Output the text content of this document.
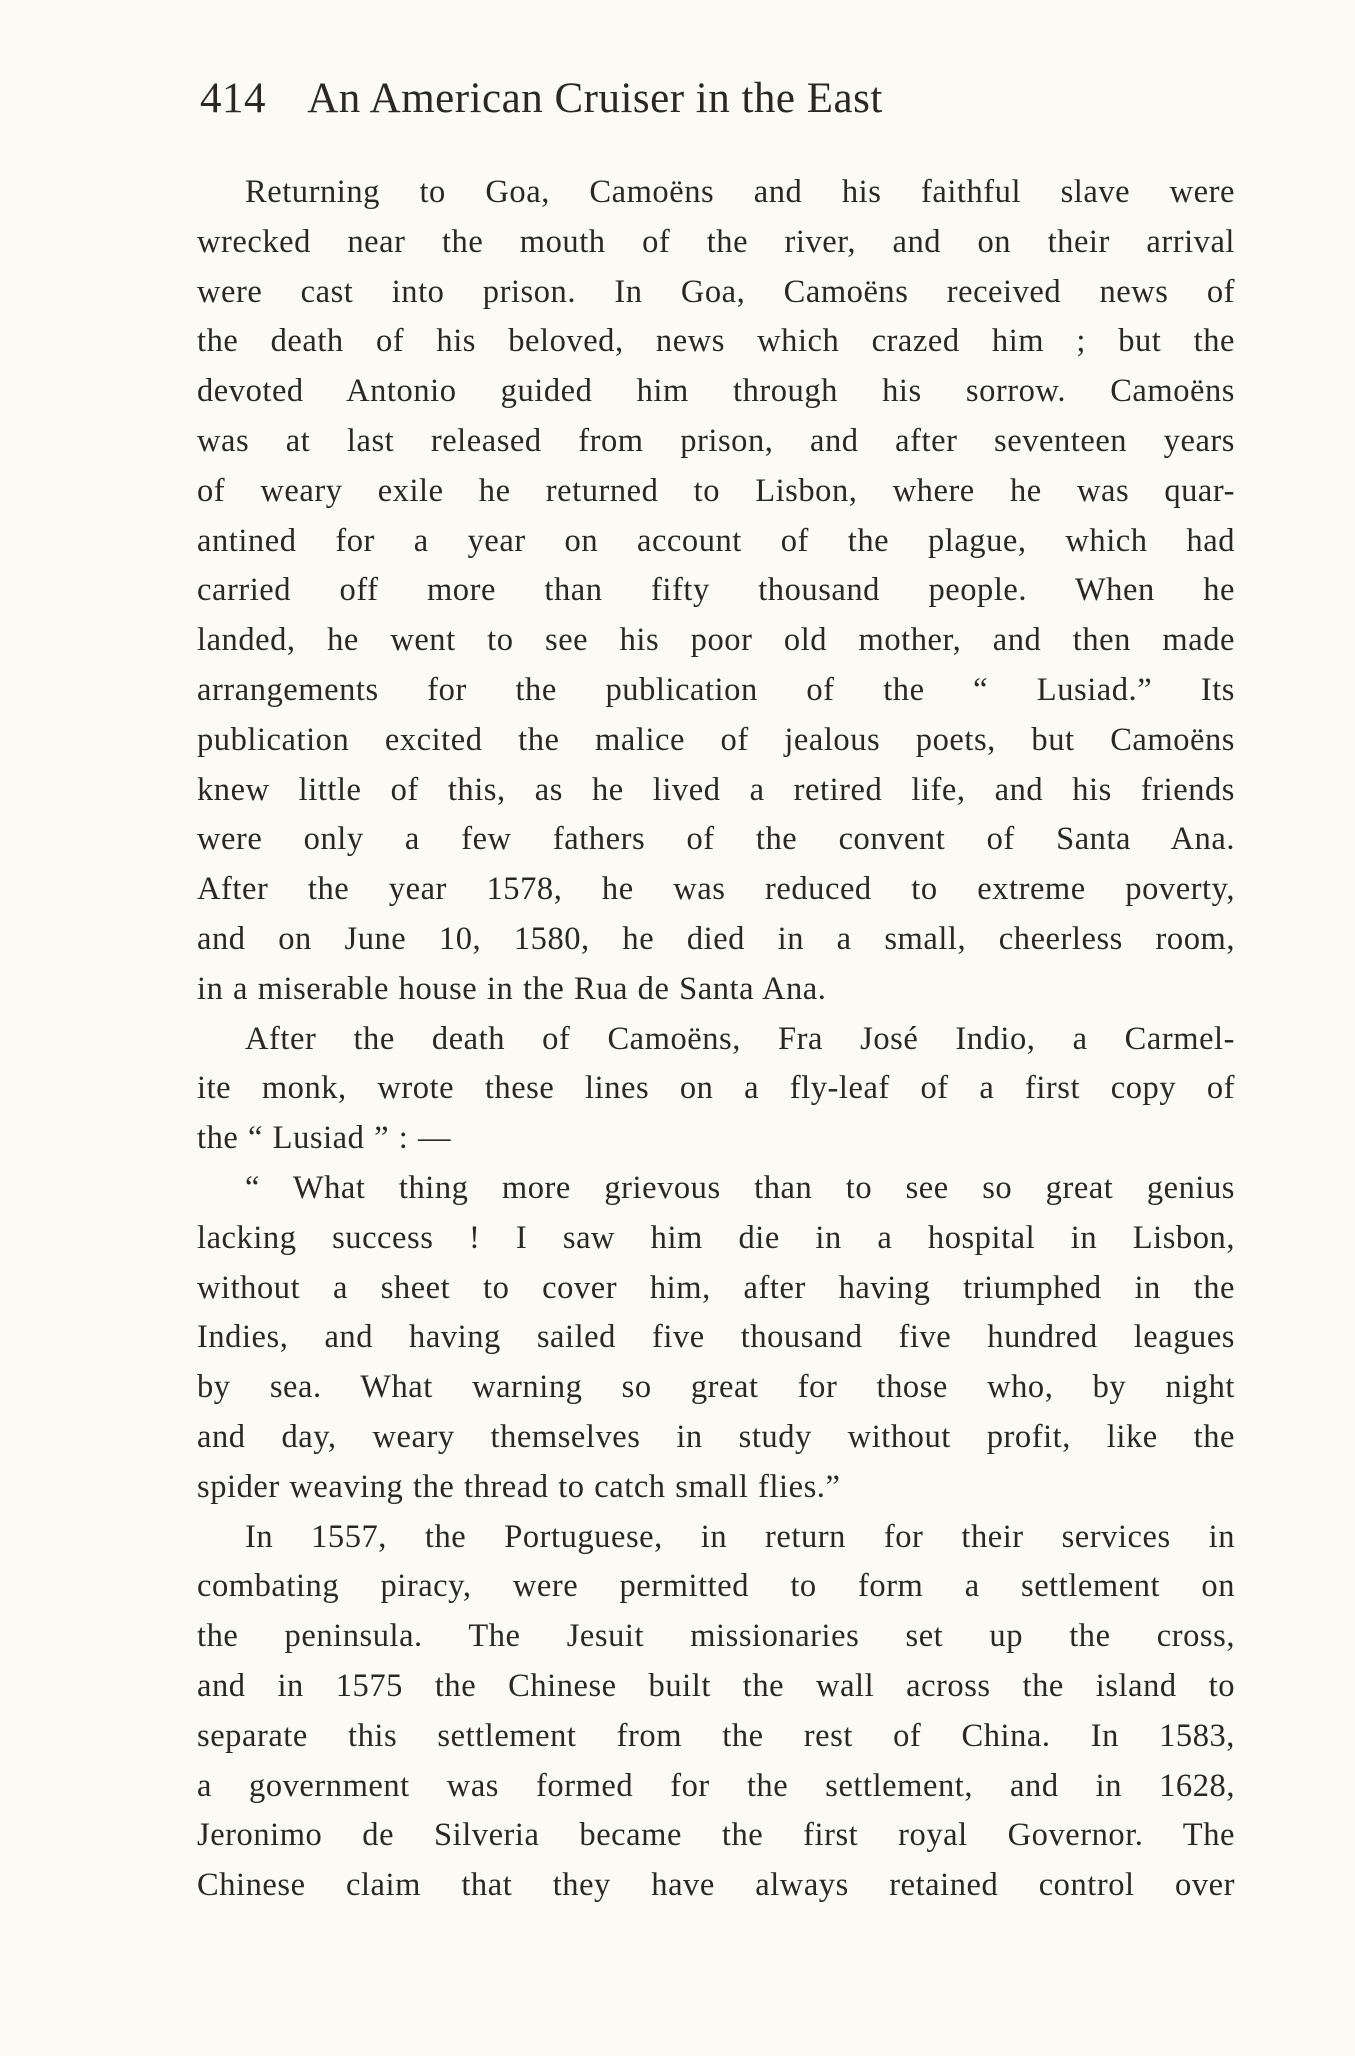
414 An American Cruiser in the East
Returning to Goa, Camoëns and his faithful slave were
wrecked near the mouth of the river, and on their arrival
were cast into prison. In Goa, Camoëns received news of
the death of his beloved, news which crazed him ; but the
devoted Antonio guided him through his sorrow. Camoëns
was at last released from prison, and after seventeen years
of weary exile he returned to Lisbon, where he was quar-
antined for a year on account of the plague, which had
carried off more than fifty thousand people. When he
landed, he went to see his poor old mother, and then made
arrangements for the publication of the “ Lusiad.” Its
publication excited the malice of jealous poets, but Camoëns
knew little of this, as he lived a retired life, and his friends
were only a few fathers of the convent of Santa Ana.
After the year 1578, he was reduced to extreme poverty,
and on June 10, 1580, he died in a small, cheerless room,
in a miserable house in the Rua de Santa Ana.
After the death of Camoëns, Fra José Indio, a Carmel-
ite monk, wrote these lines on a fly-leaf of a first copy of
the “ Lusiad ” : —
“ What thing more grievous than to see so great genius
lacking success ! I saw him die in a hospital in Lisbon,
without a sheet to cover him, after having triumphed in the
Indies, and having sailed five thousand five hundred leagues
by sea. What warning so great for those who, by night
and day, weary themselves in study without profit, like the
spider weaving the thread to catch small flies.”
In 1557, the Portuguese, in return for their services in
combating piracy, were permitted to form a settlement on
the peninsula. The Jesuit missionaries set up the cross,
and in 1575 the Chinese built the wall across the island to
separate this settlement from the rest of China. In 1583,
a government was formed for the settlement, and in 1628,
Jeronimo de Silveria became the first royal Governor. The
Chinese claim that they have always retained control over
